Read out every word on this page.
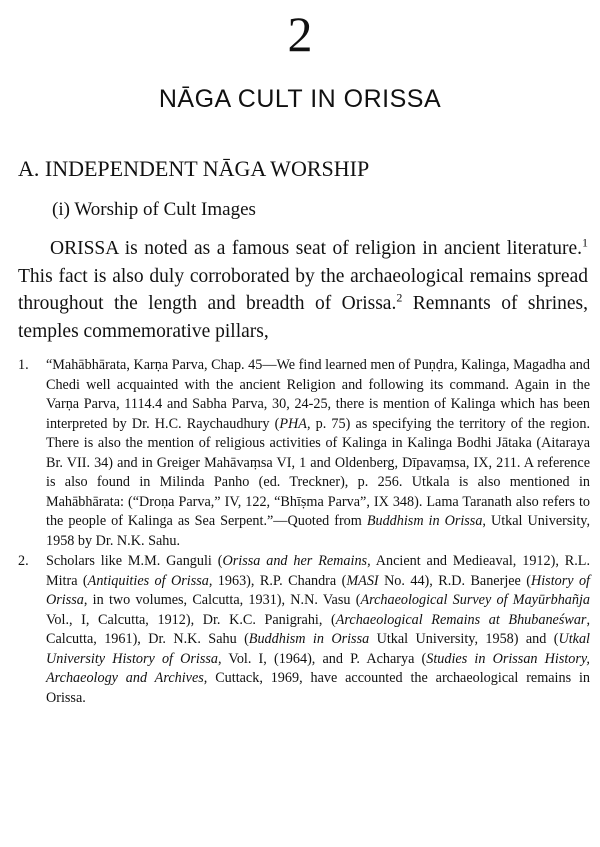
2
NĀGA CULT IN ORISSA
A. INDEPENDENT NĀGA WORSHIP
(i) Worship of Cult Images

ORISSA is noted as a famous seat of religion in ancient literature.$^1$ This fact is also duly corroborated by the archaeological remains spread throughout the length and breadth of Orissa.$^2$ Remnants of shrines, temples commemorative pillars,

1.	“Mahābhārata, Karṇa Parva, Chap. 45—We find learned men of Puṇḍra, Kalinga, Magadha and Chedi well acquainted with the ancient Religion and following its command. Again in the Varṇa Parva, 1114.4 and Sabha Parva, 30, 24-25, there is mention of Kalinga which has been interpreted by Dr. H.C. Raychaudhury (PHA, p. 75) as specifying the territory of the region. There is also the mention of religious activities of Kalinga in Kalinga Bodhi Jātaka (Aitaraya Br. VII. 34) and in Greiger Mahāvaṃsa VI, 1 and Oldenberg, Dīpavaṃsa, IX, 211. A reference is also found in Milinda Panho (ed. Treckner), p. 256. Utkala is also mentioned in Mahābhārata: (“Droṇa Parva,” IV, 122, “Bhīṣma Parva”, IX 348). Lama Taranath also refers to the people of Kalinga as Sea Serpent.”—Quoted from Buddhism in Orissa, Utkal University, 1958 by Dr. N.K. Sahu.
2.	Scholars like M.M. Ganguli (Orissa and her Remains, Ancient and Medieaval, 1912), R.L. Mitra (Antiquities of Orissa, 1963), R.P. Chandra (MASI No. 44), R.D. Banerjee (History of Orissa, in two volumes, Calcutta, 1931), N.N. Vasu (Archaeological Survey of Mayūrbhañja Vol., I, Calcutta, 1912), Dr. K.C. Panigrahi, (Archaeological Remains at Bhubaneśwar, Calcutta, 1961), Dr. N.K. Sahu (Buddhism in Orissa Utkal University, 1958) and (Utkal University History of Orissa, Vol. I, (1964), and P. Acharya (Studies in Orissan History, Archaeology and Archives, Cuttack, 1969, have accounted the archaeological remains in Orissa.
